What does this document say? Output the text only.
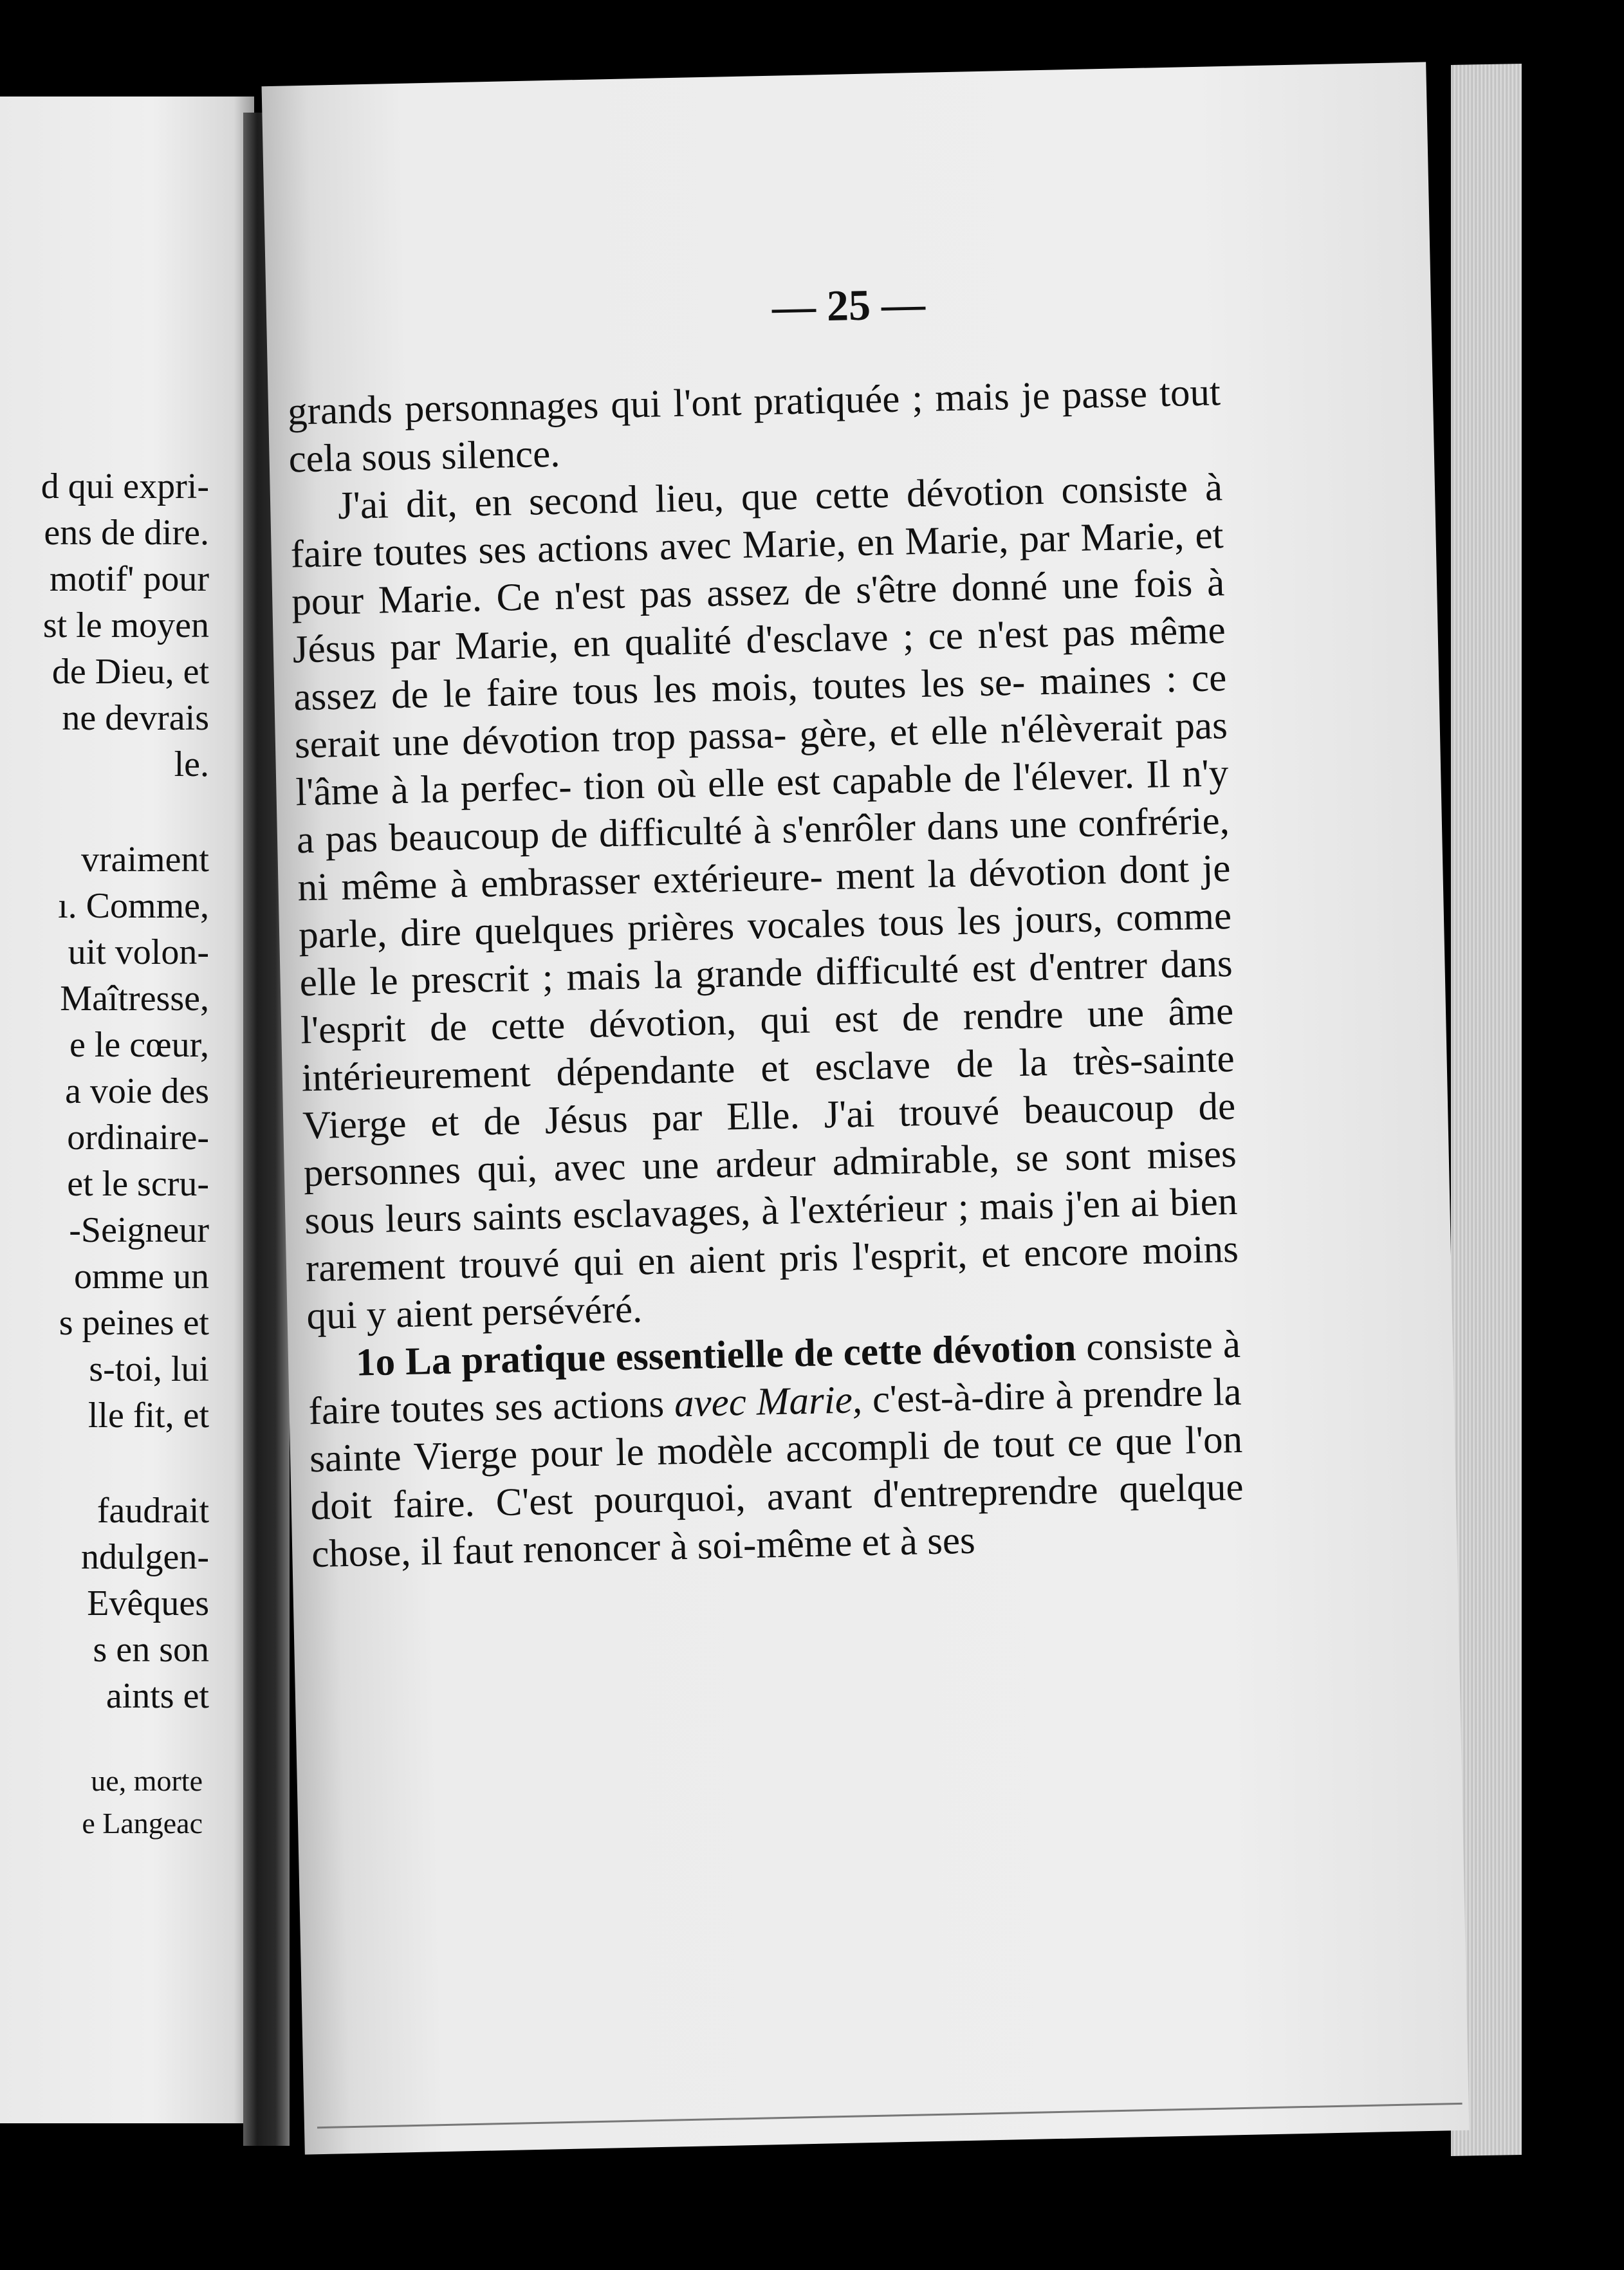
d qui expri-
ens de dire.
motif' pour
st le moyen
de Dieu, et
ne devrais
le.
vraiment
ı. Comme,
uit volon-
Maîtresse,
e le cœur,
a voie des
ordinaire-
et le scru-
-Seigneur
omme un
s peines et
s-toi, lui
lle fit, et
faudrait
ndulgen-
Evêques
s en son
aints et
ue, morte
e Langeac
— 25 —

grands personnages qui l'ont pratiquée ; mais je passe tout cela sous silence.

J'ai dit, en second lieu, que cette dévotion consiste à faire toutes ses actions avec Marie, en Marie, par Marie, et pour Marie. Ce n'est pas assez de s'être donné une fois à Jésus par Marie, en qualité d'esclave ; ce n'est pas même assez de le faire tous les mois, toutes les se- maines : ce serait une dévotion trop passa- gère, et elle n'élèverait pas l'âme à la perfec- tion où elle est capable de l'élever. Il n'y a pas beaucoup de difficulté à s'enrôler dans une confrérie, ni même à embrasser extérieure- ment la dévotion dont je parle, dire quelques prières vocales tous les jours, comme elle le prescrit ; mais la grande difficulté est d'entrer dans l'esprit de cette dévotion, qui est de rendre une âme intérieurement dépendante et esclave de la très-sainte Vierge et de Jésus par Elle. J'ai trouvé beaucoup de personnes qui, avec une ardeur admirable, se sont mises sous leurs saints esclavages, à l'extérieur ; mais j'en ai bien rarement trouvé qui en aient pris l'esprit, et encore moins qui y aient persévéré.

1o La pratique essentielle de cette dévotion consiste à faire toutes ses actions avec Marie, c'est-à-dire à prendre la sainte Vierge pour le modèle accompli de tout ce que l'on doit faire. C'est pourquoi, avant d'entreprendre quelque chose, il faut renoncer à soi-même et à ses
